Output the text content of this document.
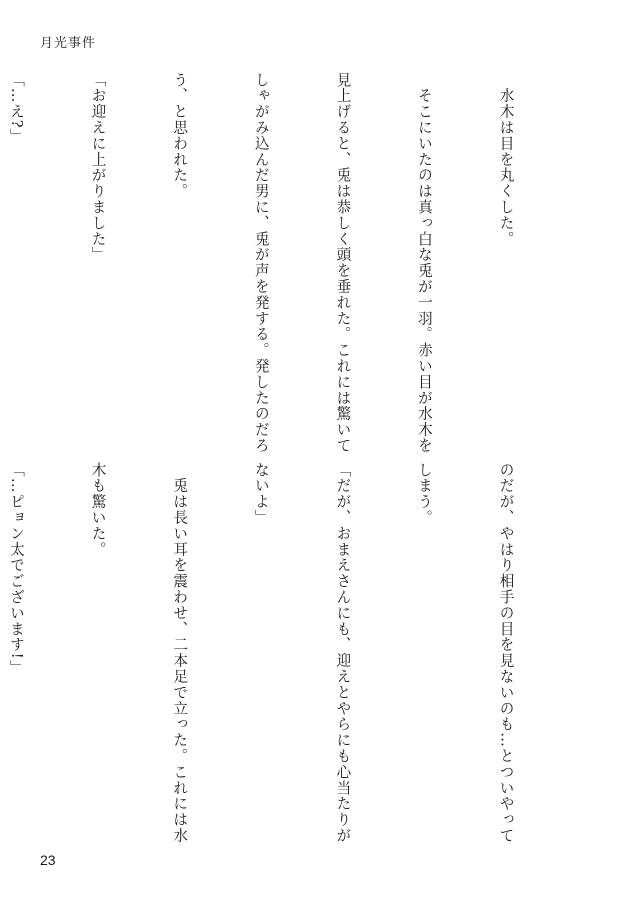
月光事件

　水木は目を丸くした。

　そこにいたのは真っ白な兎が一羽。赤い目が水木を

見上げると、兎は恭しく頭を垂れた。これには驚いて

しゃがみ込んだ男に、兎が声を発する。発したのだろ

う、と思われた。

「お迎えに上がりました」

「…え?」

のだが、やはり相手の目を見ないのも…とついやって

しまう。

「だが、おまえさんにも、迎えとやらにも心当たりが

ないよ」

　兎は長い耳を震わせ、二本足で立った。これには水

木も驚いた。

「…ピョン太でございます!」

23
